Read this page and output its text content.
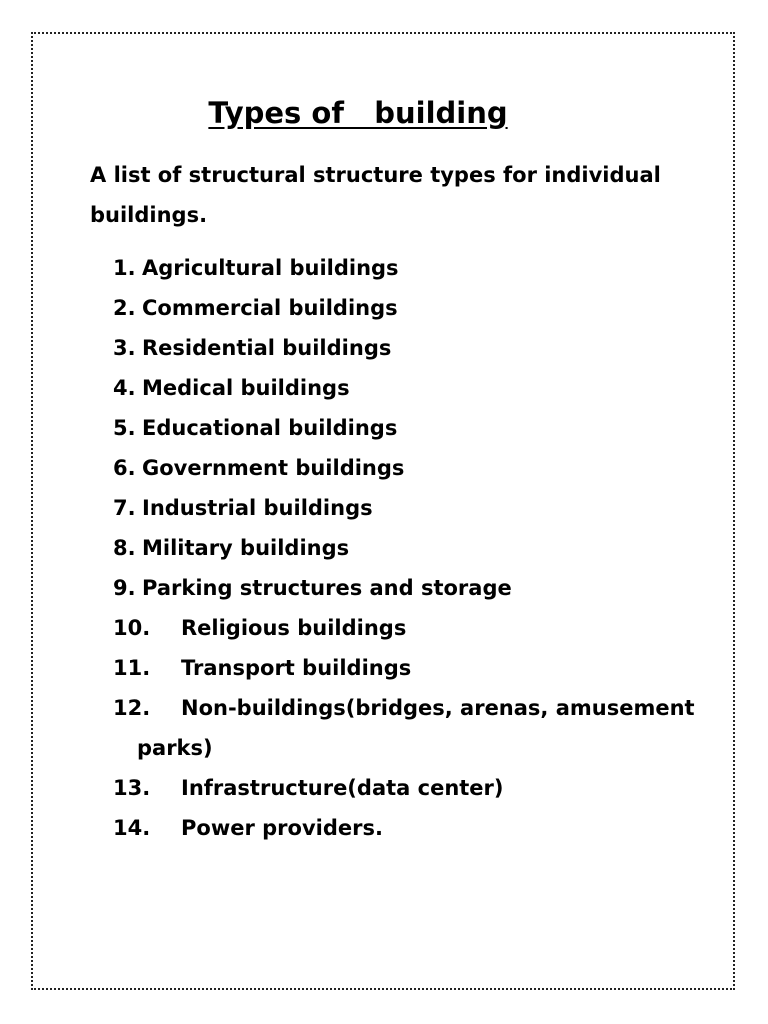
Types of   building

A list of structural structure types for individual buildings.

1. Agricultural buildings
2. Commercial buildings
3. Residential buildings
4. Medical buildings
5. Educational buildings
6. Government buildings
7. Industrial buildings
8. Military buildings
9. Parking structures and storage
10. Religious buildings
11. Transport buildings
12. Non-buildings(bridges, arenas, amusement
parks)
13. Infrastructure(data center)
14. Power providers.
